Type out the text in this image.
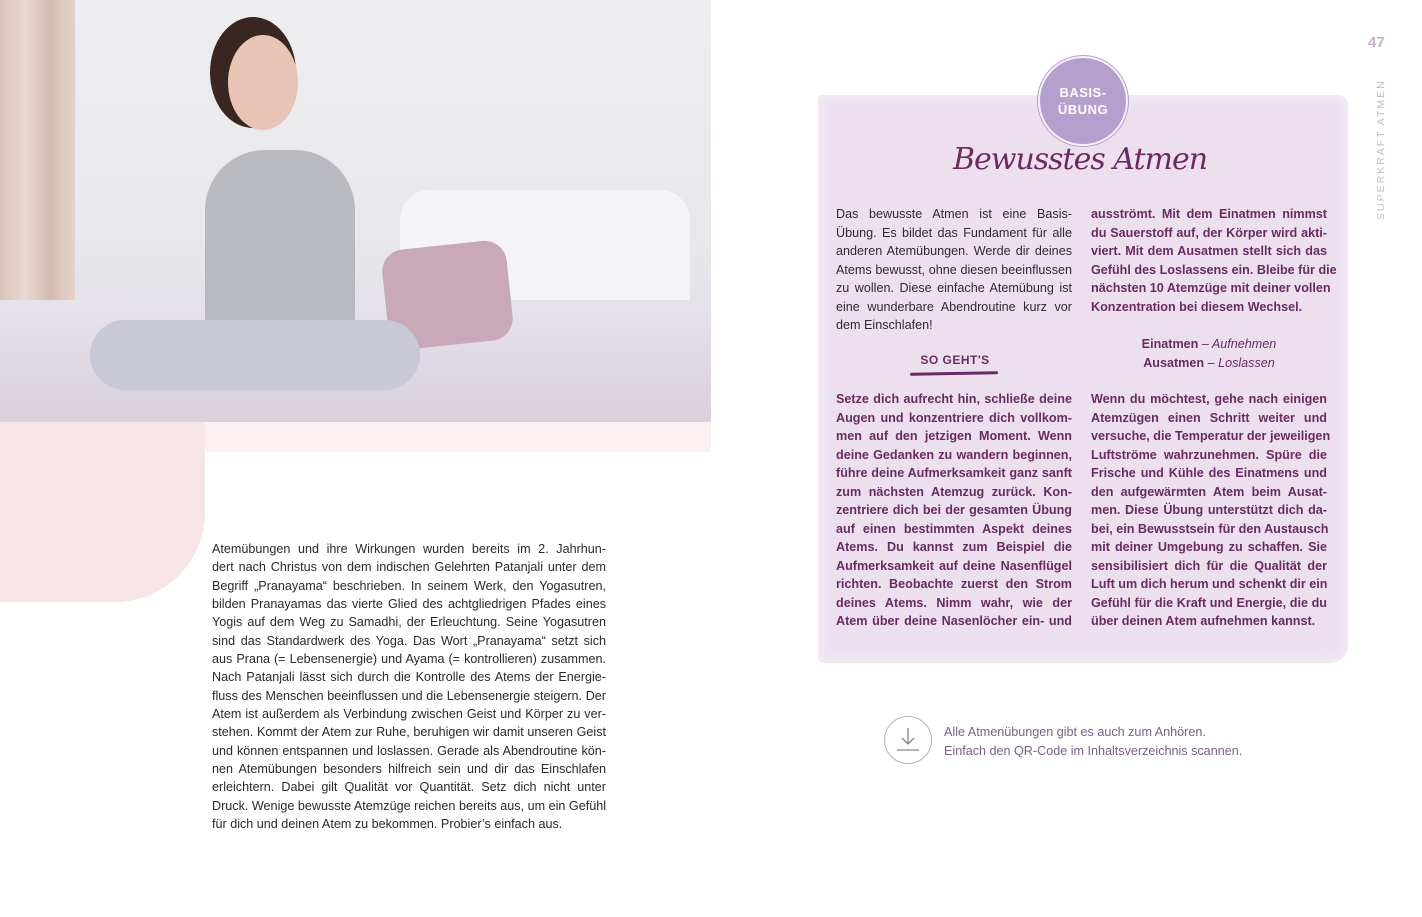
Atemübungen und ihre Wirkungen wurden bereits im 2. Jahrhun-
dert nach Christus von dem indischen Gelehrten Patanjali unter dem
Begriff „Pranayama“ beschrieben. In seinem Werk, den Yogasutren,
bilden Pranayamas das vierte Glied des achtgliedrigen Pfades eines
Yogis auf dem Weg zu Samadhi, der Erleuchtung. Seine Yogasutren
sind das Standardwerk des Yoga. Das Wort „Pranayama“ setzt sich
aus Prana (= Lebensenergie) und Ayama (= kontrollieren) zusammen.
Nach Patanjali lässt sich durch die Kontrolle des Atems der Energie-
fluss des Menschen beeinflussen und die Lebensenergie steigern. Der
Atem ist außerdem als Verbindung zwischen Geist und Körper zu ver-
stehen. Kommt der Atem zur Ruhe, beruhigen wir damit unseren Geist
und können entspannen und loslassen. Gerade als Abendroutine kön-
nen Atemübungen besonders hilfreich sein und dir das Einschlafen
erleichtern. Dabei gilt Qualität vor Quantität. Setz dich nicht unter
Druck. Wenige bewusste Atemzüge reichen bereits aus, um ein Gefühl
für dich und deinen Atem zu bekommen. Probier’s einfach aus.
BASIS-
ÜBUNG
Bewusstes Atmen
Das bewusste Atmen ist eine Basis-
Übung. Es bildet das Fundament für alle
anderen Atemübungen. Werde dir deines
Atems bewusst, ohne diesen beeinflussen
zu wollen. Diese einfache Atemübung ist
eine wunderbare Abendroutine kurz vor
dem Einschlafen!
ausströmt. Mit dem Einatmen nimmst
du Sauerstoff auf, der Körper wird akti-
viert. Mit dem Ausatmen stellt sich das
Gefühl des Loslassens ein. Bleibe für die
nächsten 10 Atemzüge mit deiner vollen
Konzentration bei diesem Wechsel.
Einatmen – Aufnehmen
Ausatmen – Loslassen
SO GEHT'S
Setze dich aufrecht hin, schließe deine
Augen und konzentriere dich vollkom-
men auf den jetzigen Moment. Wenn
deine Gedanken zu wandern beginnen,
führe deine Aufmerksamkeit ganz sanft
zum nächsten Atemzug zurück. Kon-
zentriere dich bei der gesamten Übung
auf einen bestimmten Aspekt deines
Atems. Du kannst zum Beispiel die
Aufmerksamkeit auf deine Nasenflügel
richten. Beobachte zuerst den Strom
deines Atems. Nimm wahr, wie der
Atem über deine Nasenlöcher ein- und
Wenn du möchtest, gehe nach einigen
Atemzügen einen Schritt weiter und
versuche, die Temperatur der jeweiligen
Luftströme wahrzunehmen. Spüre die
Frische und Kühle des Einatmens und
den aufgewärmten Atem beim Ausat-
men. Diese Übung unterstützt dich da-
bei, ein Bewusstsein für den Austausch
mit deiner Umgebung zu schaffen. Sie
sensibilisiert dich für die Qualität der
Luft um dich herum und schenkt dir ein
Gefühl für die Kraft und Energie, die du
über deinen Atem aufnehmen kannst.
47
SUPERKRAFT ATMEN
Alle Atmenübungen gibt es auch zum Anhören.
Einfach den QR-Code im Inhaltsverzeichnis scannen.
